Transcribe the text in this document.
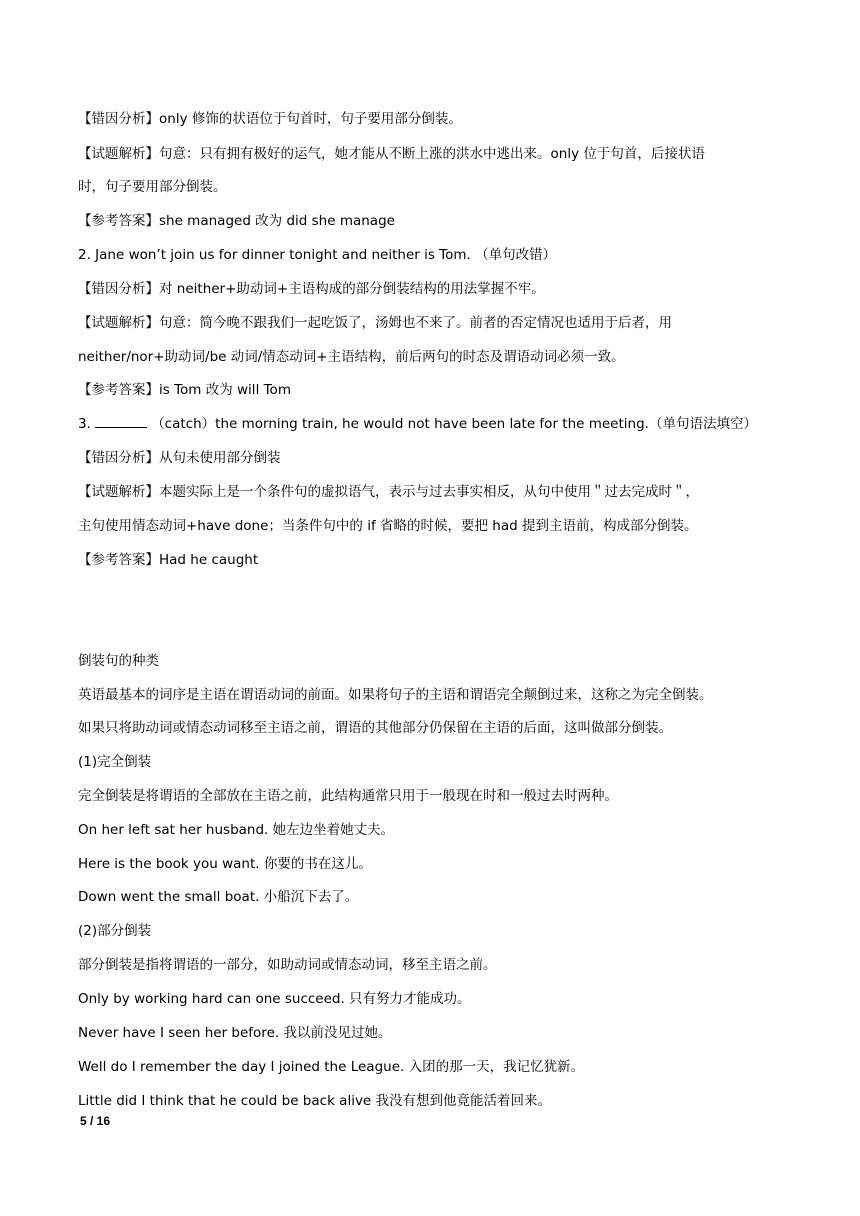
【错因分析】only 修饰的状语位于句首时，句子要用部分倒装。
【试题解析】句意：只有拥有极好的运气，她才能从不断上涨的洪水中逃出来。only 位于句首，后接状语
时，句子要用部分倒装。
【参考答案】she managed 改为 did she manage
2. Jane won’t join us for dinner tonight and neither is Tom. （单句改错）
【错因分析】对 neither+助动词+主语构成的部分倒装结构的用法掌握不牢。
【试题解析】句意：简今晚不跟我们一起吃饭了，汤姆也不来了。前者的否定情况也适用于后者，用
neither/nor+助动词/be 动词/情态动词+主语结构，前后两句的时态及谓语动词必须一致。
【参考答案】is Tom 改为 will Tom
3.	（catch）the morning train, he would not have been late for the meeting.（单句语法填空）
【错因分析】从句未使用部分倒装
【试题解析】本题实际上是一个条件句的虚拟语气，表示与过去事实相反，从句中使用＂过去完成时＂，
主句使用情态动词+have done；当条件句中的 if 省略的时候，要把 had 提到主语前，构成部分倒装。
【参考答案】Had he caught
倒装句的种类
英语最基本的词序是主语在谓语动词的前面。如果将句子的主语和谓语完全颠倒过来，这称之为完全倒装。
如果只将助动词或情态动词移至主语之前，谓语的其他部分仍保留在主语的后面，这叫做部分倒装。
(1)完全倒装
完全倒装是将谓语的全部放在主语之前，此结构通常只用于一般现在时和一般过去时两种。
On her left sat her husband. 她左边坐着她丈夫。
Here is the book you want. 你要的书在这儿。
Down went the small boat. 小船沉下去了。
(2)部分倒装
部分倒装是指将谓语的一部分，如助动词或情态动词，移至主语之前。
Only by working hard can one succeed. 只有努力才能成功。
Never have I seen her before. 我以前没见过她。
Well do I remember the day I joined the League. 入团的那一天，我记忆犹新。
Little did I think that he could be back alive 我没有想到他竟能活着回来。
5 / 16
